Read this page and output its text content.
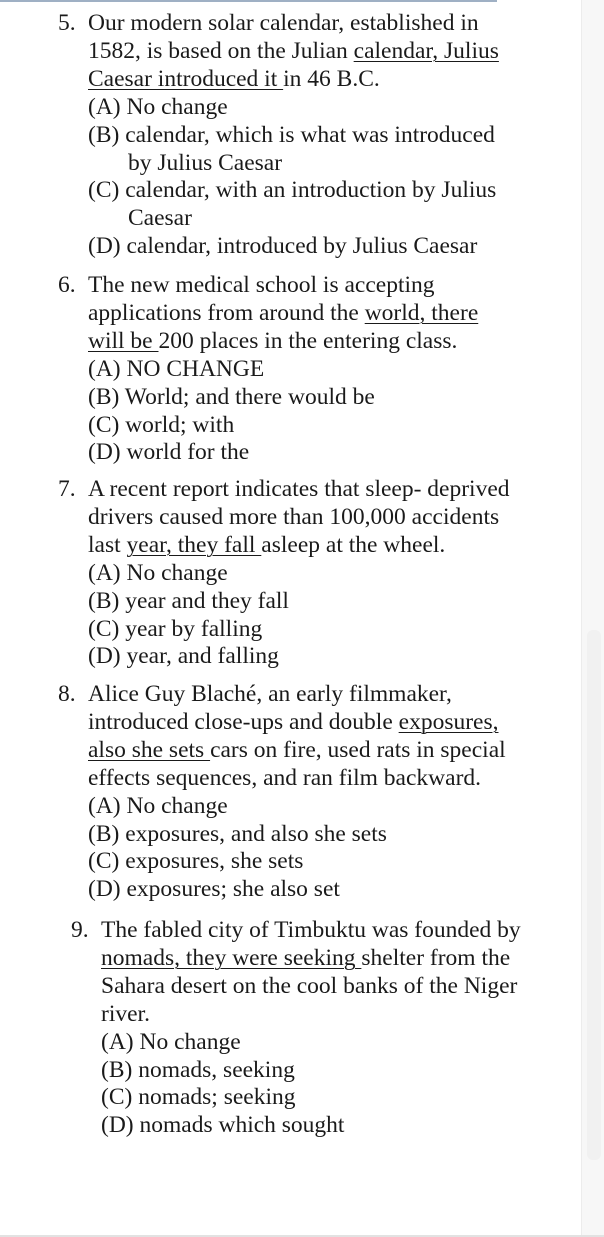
5. Our modern solar calendar, established in
1582, is based on the Julian calendar, Julius
Caesar introduced it in 46 B.C.
(A) No change
(B) calendar, which is what was introduced

by Julius Caesar
(C) calendar, with an introduction by Julius

Caesar
(D) calendar, introduced by Julius Caesar
6. The new medical school is accepting
applications from around the world, there
will be 200 places in the entering class.
(A) NO CHANGE
(B) World; and there would be
(C) world; with
(D) world for the
7. A recent report indicates that sleep- deprived
drivers caused more than 100,000 accidents
last year, they fall asleep at the wheel.
(A) No change
(B) year and they fall
(C) year by falling
(D) year, and falling
8. Alice Guy Blaché, an early filmmaker,
introduced close-ups and double exposures,
also she sets cars on fire, used rats in special
effects sequences, and ran film backward.
(A) No change
(B) exposures, and also she sets
(C) exposures, she sets
(D) exposures; she also set
9. The fabled city of Timbuktu was founded by
nomads, they were seeking shelter from the
Sahara desert on the cool banks of the Niger
river.
(A) No change
(B) nomads, seeking
(C) nomads; seeking
(D) nomads which sought
